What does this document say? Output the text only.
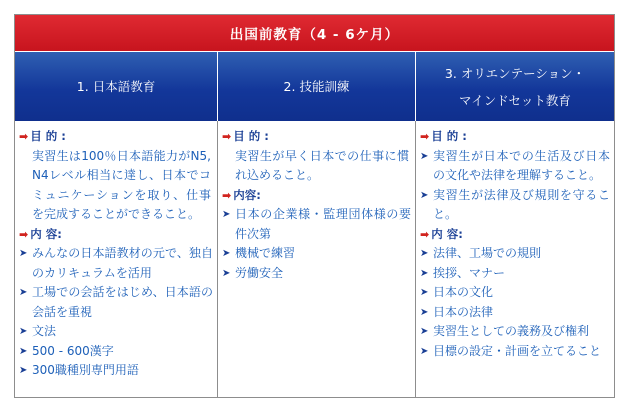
出国前教育（4 - 6ケ月）
1. 日本語教育	2. 技能訓練
3. オリエンテーション・
マインドセット教育
➡ 目 的 :
実習生は100％日本語能力がN5, N4レベル相当に達し、日本でコミュニケーションを取り、仕事を完成することができること。
➡ 内 容:
➤ みんなの日本語教材の元で、独自のカリキュラムを活用
➤ 工場での会話をはじめ、日本語の会話を重視
➤ 文法
➤ 500 - 600漢字
➤ 300職種別専門用語
➡ 目 的 :
実習生が早く日本での仕事に慣れ込めること。
➡ 内容:
➤ 日本の企業様・監理団体様の要件次第
➤ 機械で練習
➤ 労働安全
➡ 目 的 :
➤ 実習生が日本での生活及び日本の文化や法律を理解すること。
➤ 実習生が法律及び規則を守ること。
➡ 内 容:
➤ 法律、工場での規則
➤ 挨拶、マナー
➤ 日本の文化
➤ 日本の法律
➤ 実習生としての義務及び権利
➤ 目標の設定・計画を立てること
